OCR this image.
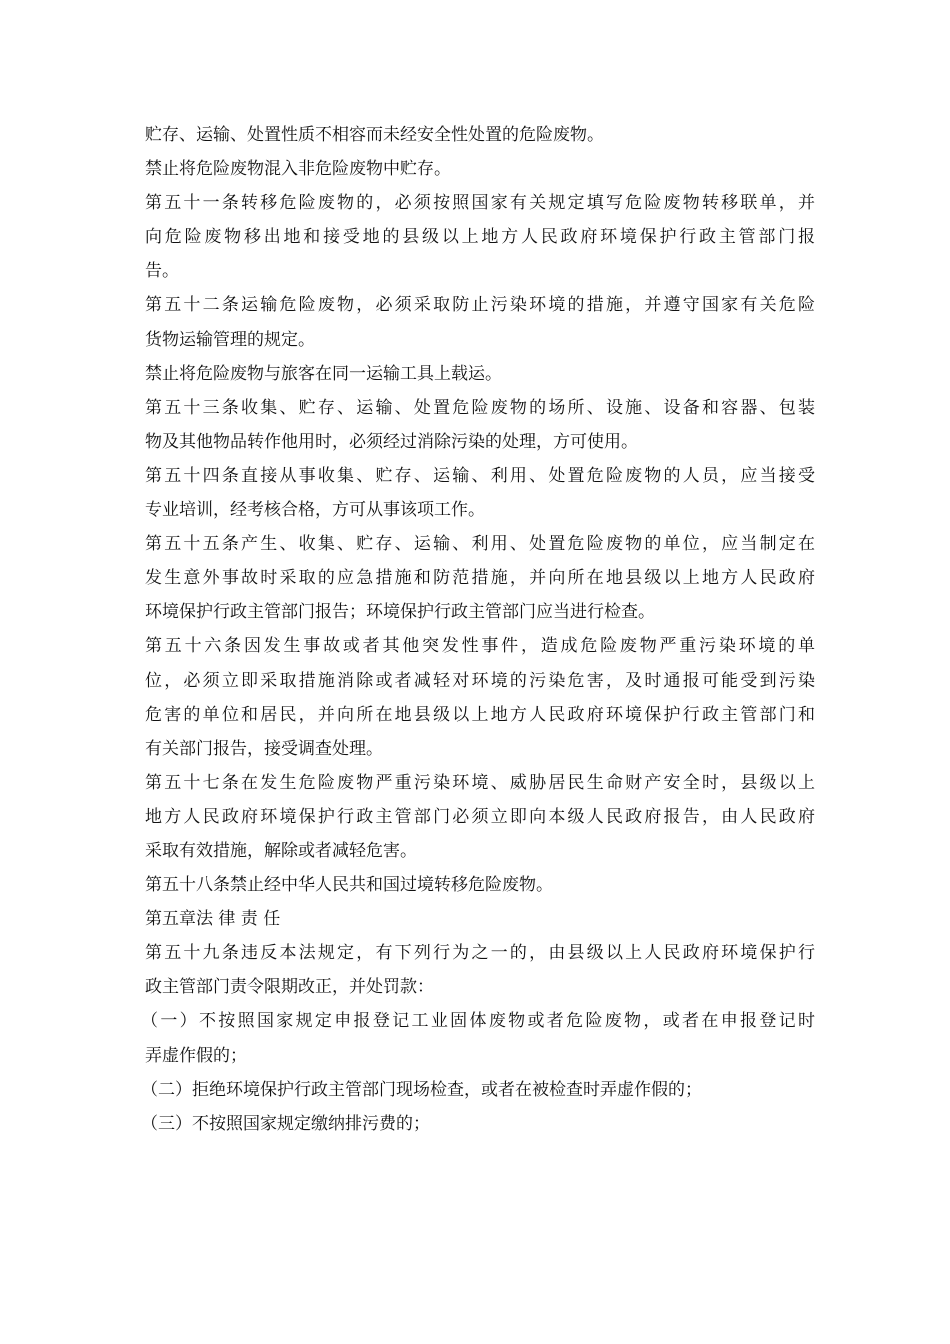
贮存、运输、处置性质不相容而未经安全性处置的危险废物。
禁止将危险废物混入非危险废物中贮存。
第五十一条转移危险废物的，必须按照国家有关规定填写危险废物转移联单，并
向危险废物移出地和接受地的县级以上地方人民政府环境保护行政主管部门报
告。
第五十二条运输危险废物，必须采取防止污染环境的措施，并遵守国家有关危险
货物运输管理的规定。
禁止将危险废物与旅客在同一运输工具上载运。
第五十三条收集、贮存、运输、处置危险废物的场所、设施、设备和容器、包装
物及其他物品转作他用时，必须经过消除污染的处理，方可使用。
第五十四条直接从事收集、贮存、运输、利用、处置危险废物的人员，应当接受
专业培训，经考核合格，方可从事该项工作。
第五十五条产生、收集、贮存、运输、利用、处置危险废物的单位，应当制定在
发生意外事故时采取的应急措施和防范措施，并向所在地县级以上地方人民政府
环境保护行政主管部门报告；环境保护行政主管部门应当进行检查。
第五十六条因发生事故或者其他突发性事件，造成危险废物严重污染环境的单
位，必须立即采取措施消除或者减轻对环境的污染危害，及时通报可能受到污染
危害的单位和居民，并向所在地县级以上地方人民政府环境保护行政主管部门和
有关部门报告，接受调查处理。
第五十七条在发生危险废物严重污染环境、威胁居民生命财产安全时，县级以上
地方人民政府环境保护行政主管部门必须立即向本级人民政府报告，由人民政府
采取有效措施，解除或者减轻危害。
第五十八条禁止经中华人民共和国过境转移危险废物。
第五章法 律 责 任
第五十九条违反本法规定，有下列行为之一的，由县级以上人民政府环境保护行
政主管部门责令限期改正，并处罚款：
（一）不按照国家规定申报登记工业固体废物或者危险废物，或者在申报登记时
弄虚作假的；
（二）拒绝环境保护行政主管部门现场检查，或者在被检查时弄虚作假的；
（三）不按照国家规定缴纳排污费的；
